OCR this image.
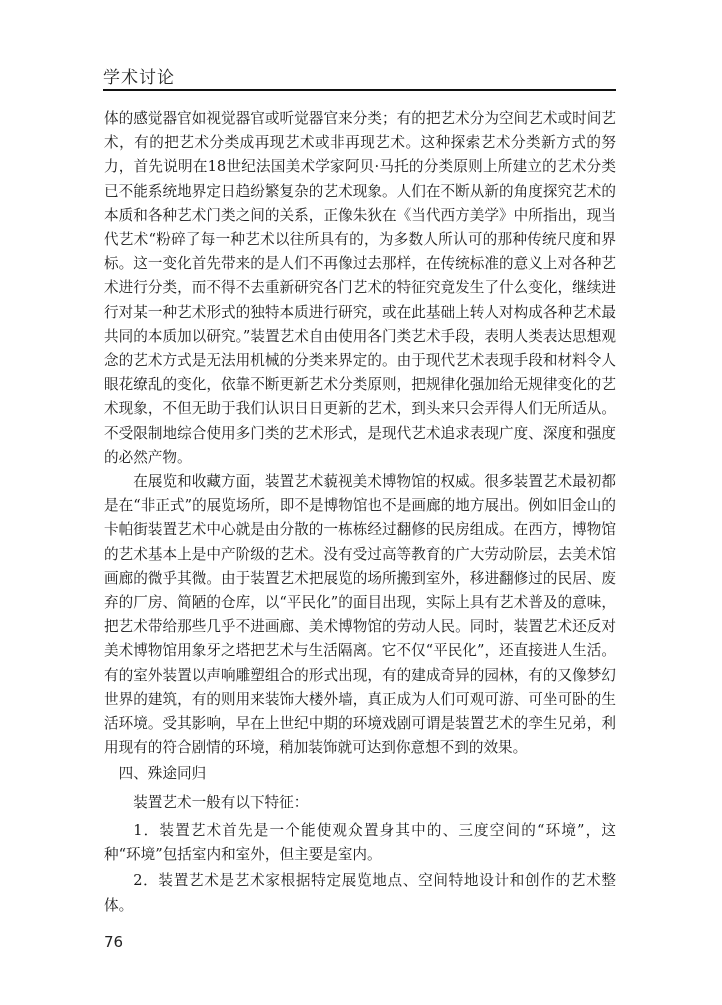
学术讨论

体的感觉器官如视觉器官或听觉器官来分类；有的把艺术分为空间艺术或时间艺术，有的把艺术分类成再现艺术或非再现艺术。这种探索艺术分类新方式的努力，首先说明在18世纪法国美术学家阿贝·马托的分类原则上所建立的艺术分类已不能系统地界定日趋纷繁复杂的艺术现象。人们在不断从新的角度探究艺术的本质和各种艺术门类之间的关系，正像朱狄在《当代西方美学》中所指出，现当代艺术“粉碎了每一种艺术以往所具有的，为多数人所认可的那种传统尺度和界标。这一变化首先带来的是人们不再像过去那样，在传统标准的意义上对各种艺术进行分类，而不得不去重新研究各门艺术的特征究竟发生了什么变化，继续进行对某一种艺术形式的独特本质进行研究，或在此基础上转人对构成各种艺术最共同的本质加以研究。”装置艺术自由使用各门类艺术手段，表明人类表达思想观念的艺术方式是无法用机械的分类来界定的。由于现代艺术表现手段和材料令人眼花缭乱的变化，依靠不断更新艺术分类原则，把规律化强加给无规律变化的艺术现象，不但无助于我们认识日日更新的艺术，到头来只会弄得人们无所适从。不受限制地综合使用多门类的艺术形式，是现代艺术追求表现广度、深度和强度的必然产物。

在展览和收藏方面，装置艺术藐视美术博物馆的权威。很多装置艺术最初都是在“非正式”的展览场所，即不是博物馆也不是画廊的地方展出。例如旧金山的卡帕街装置艺术中心就是由分散的一栋栋经过翻修的民房组成。在西方，博物馆的艺术基本上是中产阶级的艺术。没有受过高等教育的广大劳动阶层，去美术馆画廊的微乎其微。由于装置艺术把展览的场所搬到室外，移进翻修过的民居、废弃的厂房、简陋的仓库，以“平民化”的面目出现，实际上具有艺术普及的意味，把艺术带给那些几乎不进画廊、美术博物馆的劳动人民。同时，装置艺术还反对美术博物馆用象牙之塔把艺术与生活隔离。它不仅“平民化”，还直接进人生活。有的室外装置以声响雕塑组合的形式出现，有的建成奇异的园林，有的又像梦幻世界的建筑，有的则用来装饰大楼外墙，真正成为人们可观可游、可坐可卧的生活环境。受其影响，早在上世纪中期的环境戏剧可谓是装置艺术的孪生兄弟，利用现有的符合剧情的环境，稍加装饰就可达到你意想不到的效果。

四、殊途同归

装置艺术一般有以下特征：

1．装置艺术首先是一个能使观众置身其中的、三度空间的“环境”，这种“环境”包括室内和室外，但主要是室内。

2．装置艺术是艺术家根据特定展览地点、空间特地设计和创作的艺术整体。

76
